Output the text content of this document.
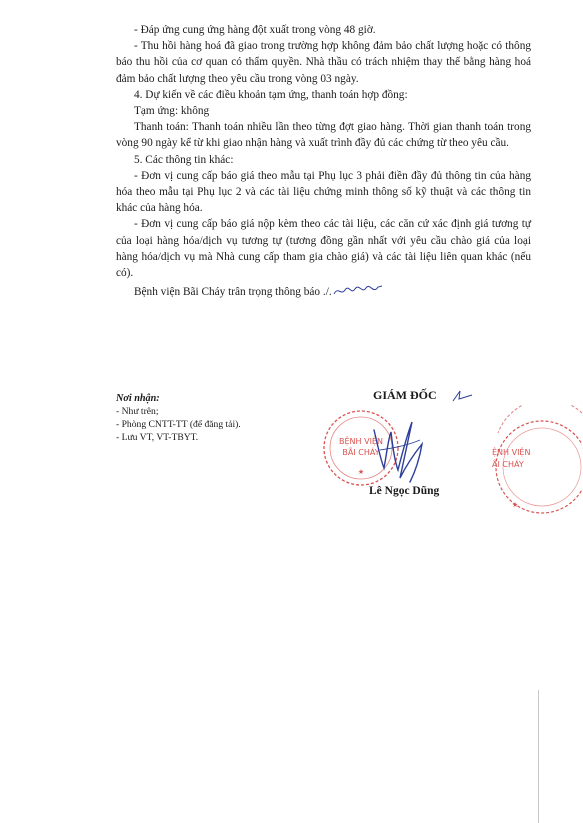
- Đáp ứng cung ứng hàng đột xuất trong vòng 48 giờ.

- Thu hồi hàng hoá đã giao trong trường hợp không đảm bảo chất lượng hoặc có thông báo thu hồi của cơ quan có thẩm quyền. Nhà thầu có trách nhiệm thay thế bằng hàng hoá đảm bảo chất lượng theo yêu cầu trong vòng 03 ngày.

4. Dự kiến về các điều khoản tạm ứng, thanh toán hợp đồng:

Tạm ứng: không

Thanh toán: Thanh toán nhiều lần theo từng đợt giao hàng. Thời gian thanh toán trong vòng 90 ngày kể từ khi giao nhận hàng và xuất trình đầy đủ các chứng từ theo yêu cầu.

5. Các thông tin khác:

- Đơn vị cung cấp báo giá theo mẫu tại Phụ lục 3 phải điền đầy đủ thông tin của hàng hóa theo mẫu tại Phụ lục 2 và các tài liệu chứng minh thông số kỹ thuật và các thông tin khác của hàng hóa.

- Đơn vị cung cấp báo giá nộp kèm theo các tài liệu, các căn cứ xác định giá tương tự của loại hàng hóa/dịch vụ tương tự (tương đồng gần nhất với yêu cầu chào giá của loại hàng hóa/dịch vụ mà Nhà cung cấp tham gia chào giá) và các tài liệu liên quan khác (nếu có).

Bệnh viện Bãi Cháy trân trọng thông báo ./.

Nơi nhận:
- Như trên;
- Phòng CNTT-TT (để đăng tải).
- Lưu VT, VT-TBYT.
GIÁM ĐỐC
BỆNH VIỆN
BÃI CHÁY
★
ỆNH VIỆN
ÃI CHÁY
★
Lê Ngọc Dũng
